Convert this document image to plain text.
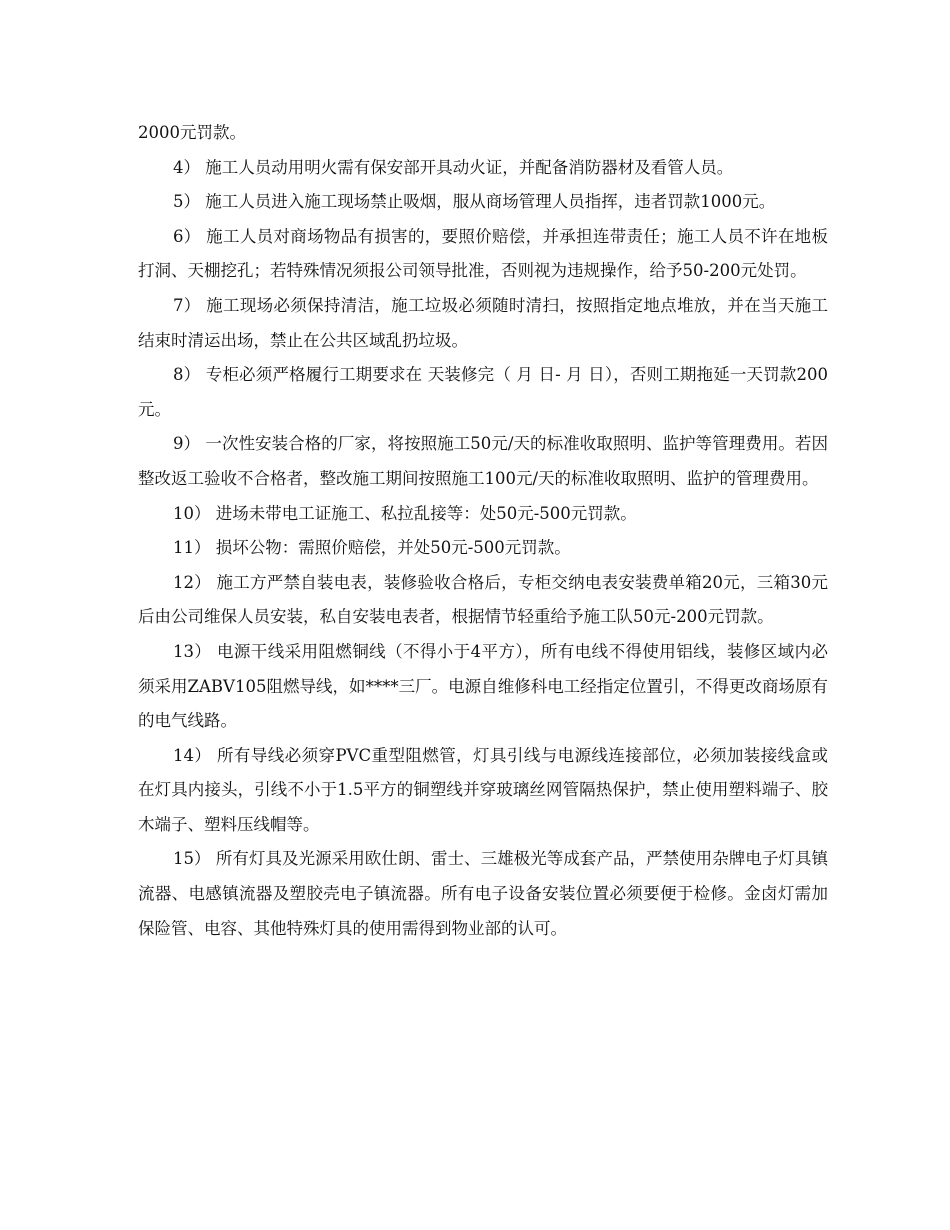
2000元罚款。

4） 施工人员动用明火需有保安部开具动火证，并配备消防器材及看管人员。

5） 施工人员进入施工现场禁止吸烟，服从商场管理人员指挥，违者罚款1000元。

6） 施工人员对商场物品有损害的，要照价赔偿，并承担连带责任；施工人员不许在地板打洞、天棚挖孔；若特殊情况须报公司领导批准，否则视为违规操作，给予50-200元处罚。

7） 施工现场必须保持清洁，施工垃圾必须随时清扫，按照指定地点堆放，并在当天施工结束时清运出场，禁止在公共区域乱扔垃圾。

8） 专柜必须严格履行工期要求在 天装修完（ 月 日- 月 日），否则工期拖延一天罚款200元。

9） 一次性安装合格的厂家，将按照施工50元/天的标准收取照明、监护等管理费用。若因整改返工验收不合格者，整改施工期间按照施工100元/天的标准收取照明、监护的管理费用。

10） 进场未带电工证施工、私拉乱接等：处50元-500元罚款。

11） 损坏公物：需照价赔偿，并处50元-500元罚款。

12） 施工方严禁自装电表，装修验收合格后，专柜交纳电表安装费单箱20元，三箱30元后由公司维保人员安装，私自安装电表者，根据情节轻重给予施工队50元-200元罚款。

13） 电源干线采用阻燃铜线（不得小于4平方），所有电线不得使用铝线，装修区域内必须采用ZABV105阻燃导线，如****三厂。电源自维修科电工经指定位置引，不得更改商场原有的电气线路。

14） 所有导线必须穿PVC重型阻燃管，灯具引线与电源线连接部位，必须加装接线盒或在灯具内接头，引线不小于1.5平方的铜塑线并穿玻璃丝网管隔热保护，禁止使用塑料端子、胶木端子、塑料压线帽等。

15） 所有灯具及光源采用欧仕朗、雷士、三雄极光等成套产品，严禁使用杂牌电子灯具镇流器、电感镇流器及塑胶壳电子镇流器。所有电子设备安装位置必须要便于检修。金卤灯需加保险管、电容、其他特殊灯具的使用需得到物业部的认可。
